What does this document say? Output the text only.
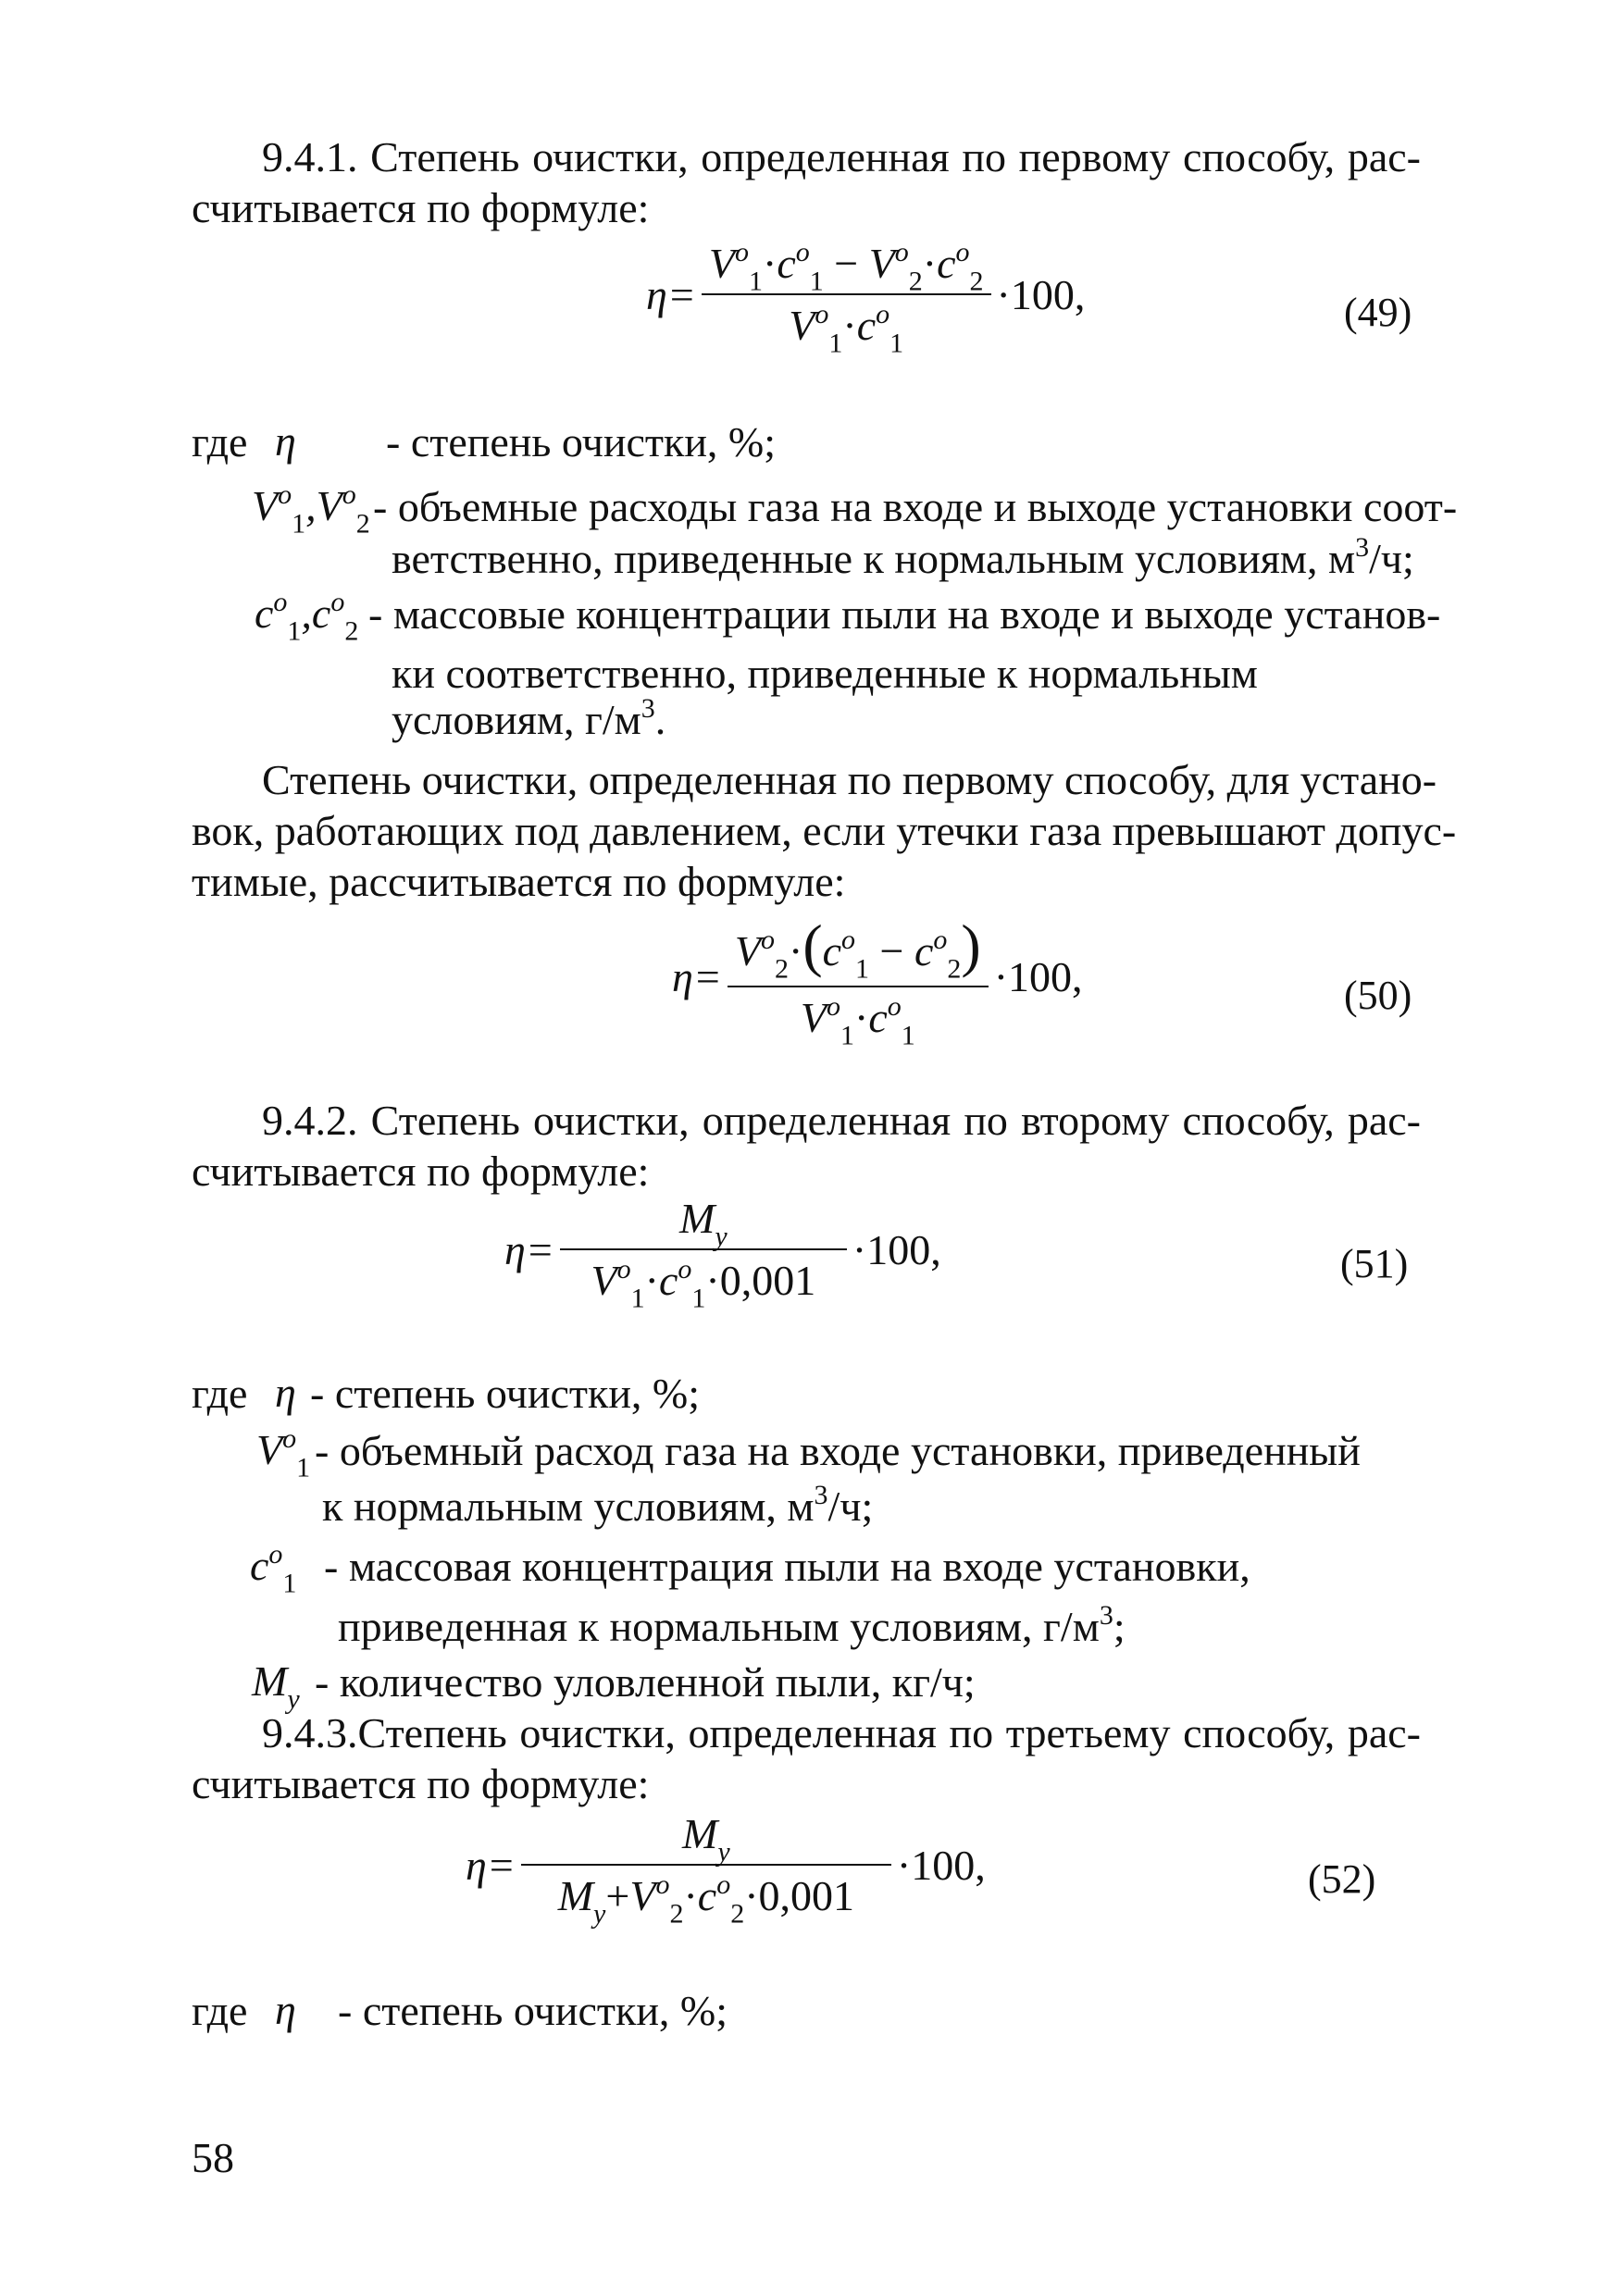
9.4.1. Степень очистки, определенная по первому способу, рас-
считывается по формуле:
$\eta= \frac{V^o_1\cdot c^o_1 - V^o_2\cdot c^o_2}{V^o_1\cdot c^o_1} \cdot 100$,	(49)
где η - степень очистки, %;
$V^o_1,V^o_2$ - объемные расходы газа на входе и выходе установки соот-
ветственно, приведенные к нормальным условиям, $м^3/ч$;
$c^o_1,c^o_2$ - массовые концентрации пыли на входе и выходе установ-
ки соответственно, приведенные к нормальным
условиям, $г/м^3$.
Степень очистки, определенная по первому способу, для устано-
вок, работающих под давлением, если утечки газа превышают допус-
тимые, рассчитывается по формуле:
$\eta= \frac{V^o_2\cdot(c^o_1 - c^o_2)}{V^o_1\cdot c^o_1} \cdot 100$,	(50)
9.4.2. Степень очистки, определенная по второму способу, рас-
считывается по формуле:
$\eta= \frac{M_y}{V^o_1\cdot c^o_1\cdot 0,001} \cdot 100$,	(51)
где η - степень очистки, %;
$V^o_1$ - объемный расход газа на входе установки, приведенный
к нормальным условиям, $м^3/ч$;
$c^o_1$ - массовая концентрация пыли на входе установки,
приведенная к нормальным условиям, $г/м^3$;
$M_y$ - количество уловленной пыли, кг/ч;
9.4.3.Степень очистки, определенная по третьему способу, рас-
считывается по формуле:
$\eta= \frac{M_y}{M_y+V^o_2\cdot c^o_2\cdot 0,001} \cdot 100$,	(52)
где η - степень очистки, %;
58
